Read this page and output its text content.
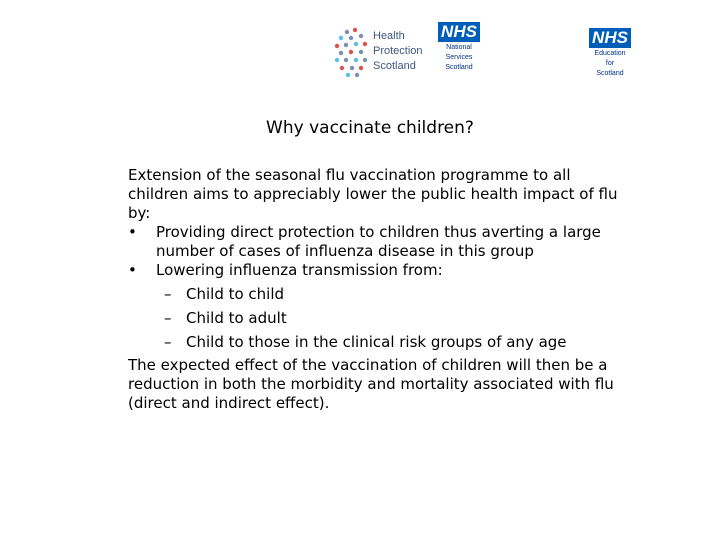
Health
Protection
Scotland
NHS
National
Services
Scotland
NHS
Education
for
Scotland
Why vaccinate children?

Extension of the seasonal flu vaccination programme to all children aims to appreciably lower the public health impact of flu by:

•	Providing direct protection to children thus averting a large number of cases of influenza disease in this group

•	Lowering influenza transmission from:

– Child to child

– Child to adult

– Child to those in the clinical risk groups of any age

The expected effect of the vaccination of children will then be a reduction in both the morbidity and mortality associated with flu (direct and indirect effect).
